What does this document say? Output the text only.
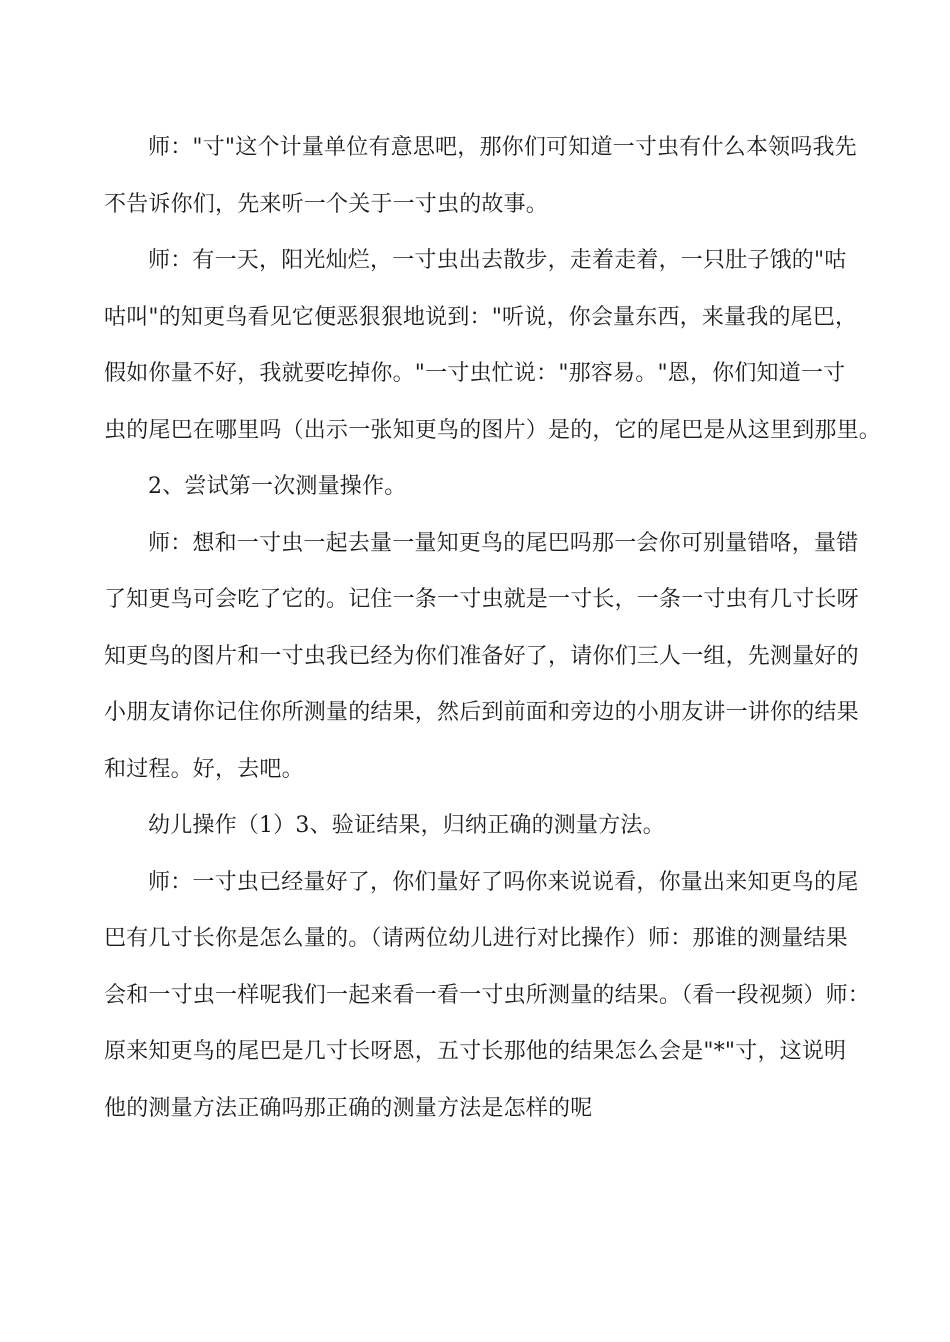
师："寸"这个计量单位有意思吧，那你们可知道一寸虫有什么本领吗我先
不告诉你们，先来听一个关于一寸虫的故事。
师：有一天，阳光灿烂，一寸虫出去散步，走着走着，一只肚子饿的"咕
咕叫"的知更鸟看见它便恶狠狠地说到："听说，你会量东西，来量我的尾巴，
假如你量不好，我就要吃掉你。"一寸虫忙说："那容易。"恩，你们知道一寸
虫的尾巴在哪里吗（出示一张知更鸟的图片）是的，它的尾巴是从这里到那里。
2、尝试第一次测量操作。
师：想和一寸虫一起去量一量知更鸟的尾巴吗那一会你可别量错咯，量错
了知更鸟可会吃了它的。记住一条一寸虫就是一寸长，一条一寸虫有几寸长呀
知更鸟的图片和一寸虫我已经为你们准备好了，请你们三人一组，先测量好的
小朋友请你记住你所测量的结果，然后到前面和旁边的小朋友讲一讲你的结果
和过程。好，去吧。
幼儿操作（1）3、验证结果，归纳正确的测量方法。
师：一寸虫已经量好了，你们量好了吗你来说说看，你量出来知更鸟的尾
巴有几寸长你是怎么量的。（请两位幼儿进行对比操作）师：那谁的测量结果
会和一寸虫一样呢我们一起来看一看一寸虫所测量的结果。（看一段视频）师：
原来知更鸟的尾巴是几寸长呀恩，五寸长那他的结果怎么会是"*"寸，这说明
他的测量方法正确吗那正确的测量方法是怎样的呢
